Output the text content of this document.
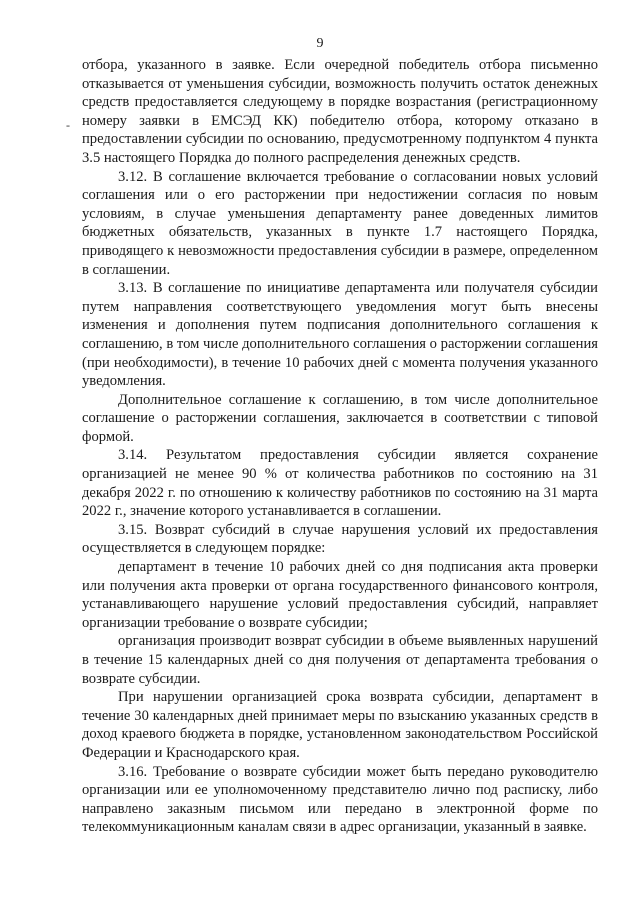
9
-

отбора, указанного в заявке. Если очередной победитель отбора письменно отказывается от уменьшения субсидии, возможность получить остаток денежных средств предоставляется следующему в порядке возрастания (регистрационному номеру заявки в ЕМСЭД КК) победителю отбора, которому отказано в предоставлении субсидии по основанию, предусмотренному подпунктом 4 пункта 3.5 настоящего Порядка до полного распределения денежных средств.

3.12. В соглашение включается требование о согласовании новых условий соглашения или о его расторжении при недостижении согласия по новым условиям, в случае уменьшения департаменту ранее доведенных лимитов бюджетных обязательств, указанных в пункте 1.7 настоящего Порядка, приводящего к невозможности предоставления субсидии в размере, определенном в соглашении.

3.13. В соглашение по инициативе департамента или получателя субсидии путем направления соответствующего уведомления могут быть внесены изменения и дополнения путем подписания дополнительного соглашения к соглашению, в том числе дополнительного соглашения о расторжении соглашения (при необходимости), в течение 10 рабочих дней с момента получения указанного уведомления.

Дополнительное соглашение к соглашению, в том числе дополнительное соглашение о расторжении соглашения, заключается в соответствии с типовой формой.

3.14. Результатом предоставления субсидии является сохранение организацией не менее 90 % от количества работников по состоянию на 31 декабря 2022 г. по отношению к количеству работников по состоянию на 31 марта 2022 г., значение которого устанавливается в соглашении.

3.15. Возврат субсидий в случае нарушения условий их предоставления осуществляется в следующем порядке:

департамент в течение 10 рабочих дней со дня подписания акта проверки или получения акта проверки от органа государственного финансового контроля, устанавливающего нарушение условий предоставления субсидий, направляет организации требование о возврате субсидии;

организация производит возврат субсидии в объеме выявленных нарушений в течение 15 календарных дней со дня получения от департамента требования о возврате субсидии.

При нарушении организацией срока возврата субсидии, департамент в течение 30 календарных дней принимает меры по взысканию указанных средств в доход краевого бюджета в порядке, установленном законодательством Российской Федерации и Краснодарского края.

3.16. Требование о возврате субсидии может быть передано руководителю организации или ее уполномоченному представителю лично под расписку, либо направлено заказным письмом или передано в электронной форме по телекоммуникационным каналам связи в адрес организации, указанный в заявке.
